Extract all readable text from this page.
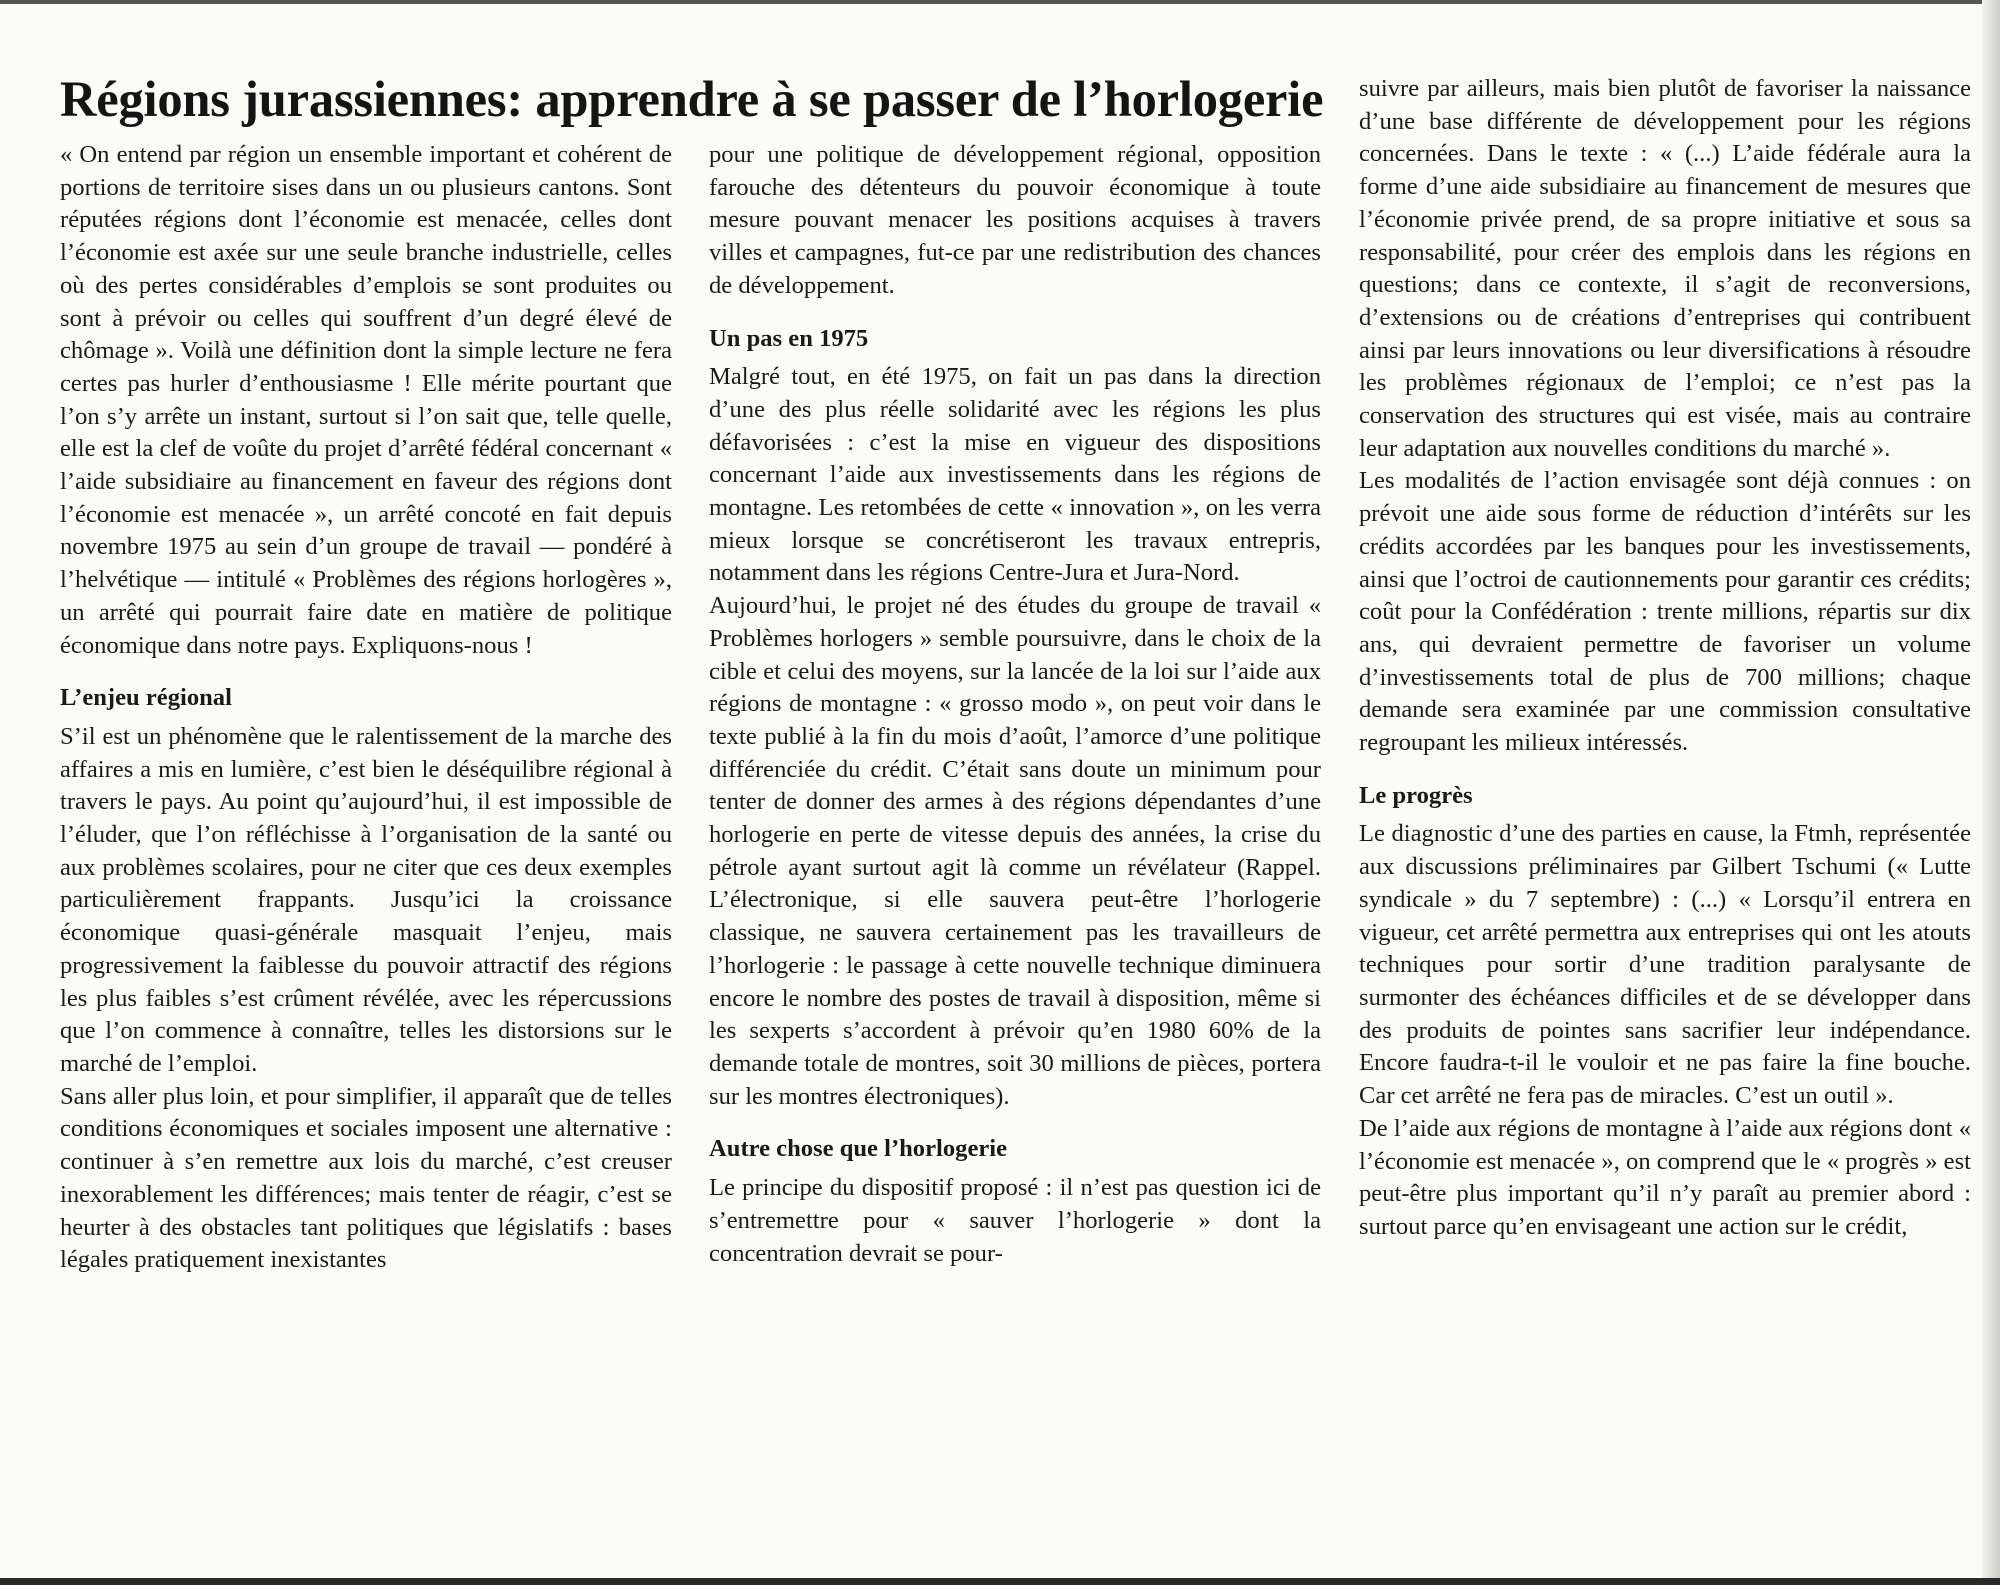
Régions jurassiennes: apprendre à se passer de l’horlogerie

« On entend par région un ensemble important et cohérent de portions de territoire sises dans un ou plusieurs cantons. Sont réputées régions dont l’économie est menacée, celles dont l’économie est axée sur une seule branche industrielle, celles où des pertes considérables d’emplois se sont produites ou sont à prévoir ou celles qui souffrent d’un degré élevé de chômage ». Voilà une définition dont la simple lecture ne fera certes pas hurler d’enthousiasme ! Elle mérite pourtant que l’on s’y arrête un instant, surtout si l’on sait que, telle quelle, elle est la clef de voûte du projet d’arrêté fédéral concernant « l’aide subsidiaire au financement en faveur des régions dont l’économie est menacée », un arrêté concoté en fait depuis novembre 1975 au sein d’un groupe de travail — pondéré à l’helvétique — intitulé « Problèmes des régions horlogères », un arrêté qui pourrait faire date en matière de politique économique dans notre pays. Expliquons-nous !

L’enjeu régional

S’il est un phénomène que le ralentissement de la marche des affaires a mis en lumière, c’est bien le déséquilibre régional à travers le pays. Au point qu’aujourd’hui, il est impossible de l’éluder, que l’on réfléchisse à l’organisation de la santé ou aux problèmes scolaires, pour ne citer que ces deux exemples particulièrement frappants. Jusqu’ici la croissance économique quasi-générale masquait l’enjeu, mais progressivement la faiblesse du pouvoir attractif des régions les plus faibles s’est crûment révélée, avec les répercussions que l’on commence à connaître, telles les distorsions sur le marché de l’emploi.

Sans aller plus loin, et pour simplifier, il apparaît que de telles conditions économiques et sociales imposent une alternative : continuer à s’en remettre aux lois du marché, c’est creuser inexorablement les différences; mais tenter de réagir, c’est se heurter à des obstacles tant politiques que législatifs : bases légales pratiquement inexistantes

pour une politique de développement régional, opposition farouche des détenteurs du pouvoir économique à toute mesure pouvant menacer les positions acquises à travers villes et campagnes, fut-ce par une redistribution des chances de développement.

Un pas en 1975

Malgré tout, en été 1975, on fait un pas dans la direction d’une des plus réelle solidarité avec les régions les plus défavorisées : c’est la mise en vigueur des dispositions concernant l’aide aux investissements dans les régions de montagne. Les retombées de cette « innovation », on les verra mieux lorsque se concrétiseront les travaux entrepris, notamment dans les régions Centre-Jura et Jura-Nord.

Aujourd’hui, le projet né des études du groupe de travail « Problèmes horlogers » semble poursuivre, dans le choix de la cible et celui des moyens, sur la lancée de la loi sur l’aide aux régions de montagne : « grosso modo », on peut voir dans le texte publié à la fin du mois d’août, l’amorce d’une politique différenciée du crédit. C’était sans doute un minimum pour tenter de donner des armes à des régions dépendantes d’une horlogerie en perte de vitesse depuis des années, la crise du pétrole ayant surtout agit là comme un révélateur (Rappel. L’électronique, si elle sauvera peut-être l’horlogerie classique, ne sauvera certainement pas les travailleurs de l’horlogerie : le passage à cette nouvelle technique diminuera encore le nombre des postes de travail à disposition, même si les sexperts s’accordent à prévoir qu’en 1980 60% de la demande totale de montres, soit 30 millions de pièces, portera sur les montres électroniques).

Autre chose que l’horlogerie

Le principe du dispositif proposé : il n’est pas question ici de s’entremettre pour « sauver l’horlogerie » dont la concentration devrait se pour-

suivre par ailleurs, mais bien plutôt de favoriser la naissance d’une base différente de développement pour les régions concernées. Dans le texte : « (...) L’aide fédérale aura la forme d’une aide subsidiaire au financement de mesures que l’économie privée prend, de sa propre initiative et sous sa responsabilité, pour créer des emplois dans les régions en questions; dans ce contexte, il s’agit de reconversions, d’extensions ou de créations d’entreprises qui contribuent ainsi par leurs innovations ou leur diversifications à résoudre les problèmes régionaux de l’emploi; ce n’est pas la conservation des structures qui est visée, mais au contraire leur adaptation aux nouvelles conditions du marché ».

Les modalités de l’action envisagée sont déjà connues : on prévoit une aide sous forme de réduction d’intérêts sur les crédits accordées par les banques pour les investissements, ainsi que l’octroi de cautionnements pour garantir ces crédits; coût pour la Confédération : trente millions, répartis sur dix ans, qui devraient permettre de favoriser un volume d’investissements total de plus de 700 millions; chaque demande sera examinée par une commission consultative regroupant les milieux intéressés.

Le progrès

Le diagnostic d’une des parties en cause, la Ftmh, représentée aux discussions préliminaires par Gilbert Tschumi (« Lutte syndicale » du 7 septembre) : (...) « Lorsqu’il entrera en vigueur, cet arrêté permettra aux entreprises qui ont les atouts techniques pour sortir d’une tradition paralysante de surmonter des échéances difficiles et de se développer dans des produits de pointes sans sacrifier leur indépendance. Encore faudra-t-il le vouloir et ne pas faire la fine bouche. Car cet arrêté ne fera pas de miracles. C’est un outil ».

De l’aide aux régions de montagne à l’aide aux régions dont « l’économie est menacée », on comprend que le « progrès » est peut-être plus important qu’il n’y paraît au premier abord : surtout parce qu’en envisageant une action sur le crédit,
